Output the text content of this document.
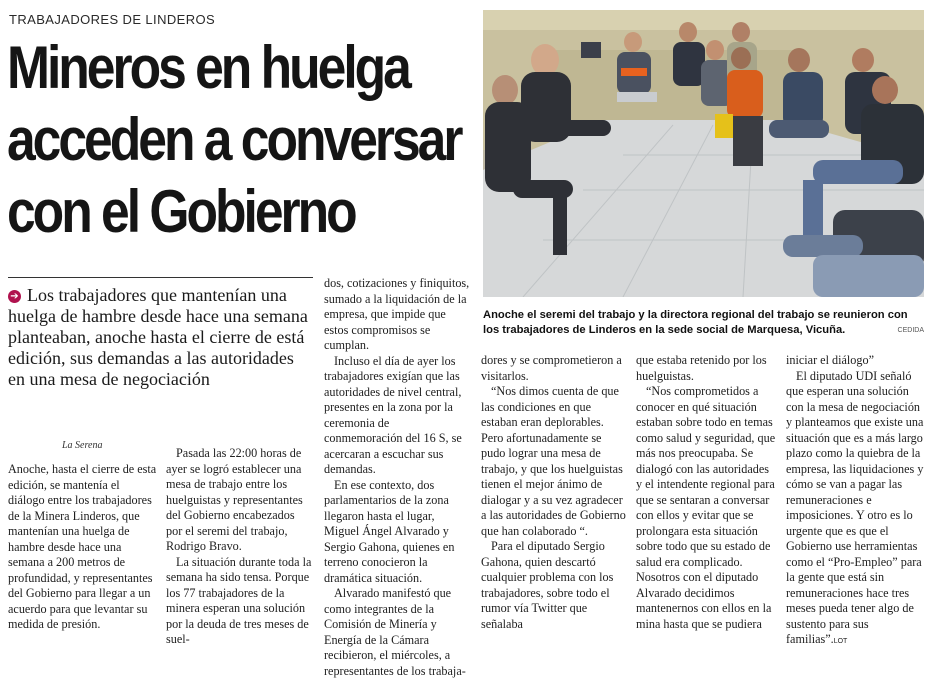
TRABAJADORES DE LINDEROS
Mineros en huelga
acceden a conversar
con el Gobierno
Anoche el seremi del trabajo y la directora regional del trabajo se reunieron con los trabajadores de Linderos en la sede social de Marquesa, Vicuña.	CEDIDA

➔ Los trabajadores que mantenían una huelga de hambre desde hace una semana planteaban, anoche hasta el cierre de está edición, sus demandas a las autoridades en una mesa de negociación

La Serena

Anoche, hasta el cierre de esta edición, se mantenía el diálogo entre los trabajadores de la Minera Linderos, que mantenían una huelga de hambre desde hace una semana a 200 metros de profundidad, y representantes del Gobierno para llegar a un acuerdo para que levantar su medida de presión.

Pasada las 22:00 horas de ayer se logró establecer una mesa de trabajo entre los huelguistas y representantes del Gobierno encabezados por el seremi del trabajo, Rodrigo Bravo.

La situación durante toda la semana ha sido tensa. Porque los 77 trabajadores de la minera esperan una solución por la deuda de tres meses de suel-

dos, cotizaciones y finiquitos, sumado a la liquidación de la empresa, que impide que estos compromisos se cumplan.

Incluso el día de ayer los trabajadores exigían que las autoridades de nivel central, presentes en la zona por la ceremonia de conmemoración del 16 S, se acercaran a escuchar sus demandas.

En ese contexto, dos parlamentarios de la zona llegaron hasta el lugar, Miguel Ángel Alvarado y Sergio Gahona, quienes en terreno conocieron la dramática situación.

Alvarado manifestó que como integrantes de la Comisión de Minería y Energía de la Cámara recibieron, el miércoles, a representantes de los trabaja-

dores y se comprometieron a visitarlos.

“Nos dimos cuenta de que las condiciones en que estaban eran deplorables. Pero afortunadamente se pudo lograr una mesa de trabajo, y que los huelguistas tienen el mejor ánimo de dialogar y a su vez agradecer a las autoridades de Gobierno que han colaborado “.

Para el diputado Sergio Gahona, quien descartó cualquier problema con los trabajadores, sobre todo el rumor vía Twitter que señalaba

que estaba retenido por los huelguistas.

“Nos comprometidos a conocer en qué situación estaban sobre todo en temas como salud y seguridad, que más nos preocupaba. Se dialogó con las autoridades y el intendente regional para que se sentaran a conversar con ellos y evitar que se prolongara esta situación sobre todo que su estado de salud era complicado. Nosotros con el diputado Alvarado decidimos mantenernos con ellos en la mina hasta que se pudiera

iniciar el diálogo”

El diputado UDI señaló que esperan una solución con la mesa de negociación y planteamos que existe una situación que es a más largo plazo como la quiebra de la empresa, las liquidaciones y cómo se van a pagar las remuneraciones e imposiciones. Y otro es lo urgente que es que el Gobierno use herramientas como el “Pro-Empleo” para la gente que está sin remuneraciones hace tres meses pueda tener algo de sustento para sus familias”.LOT
